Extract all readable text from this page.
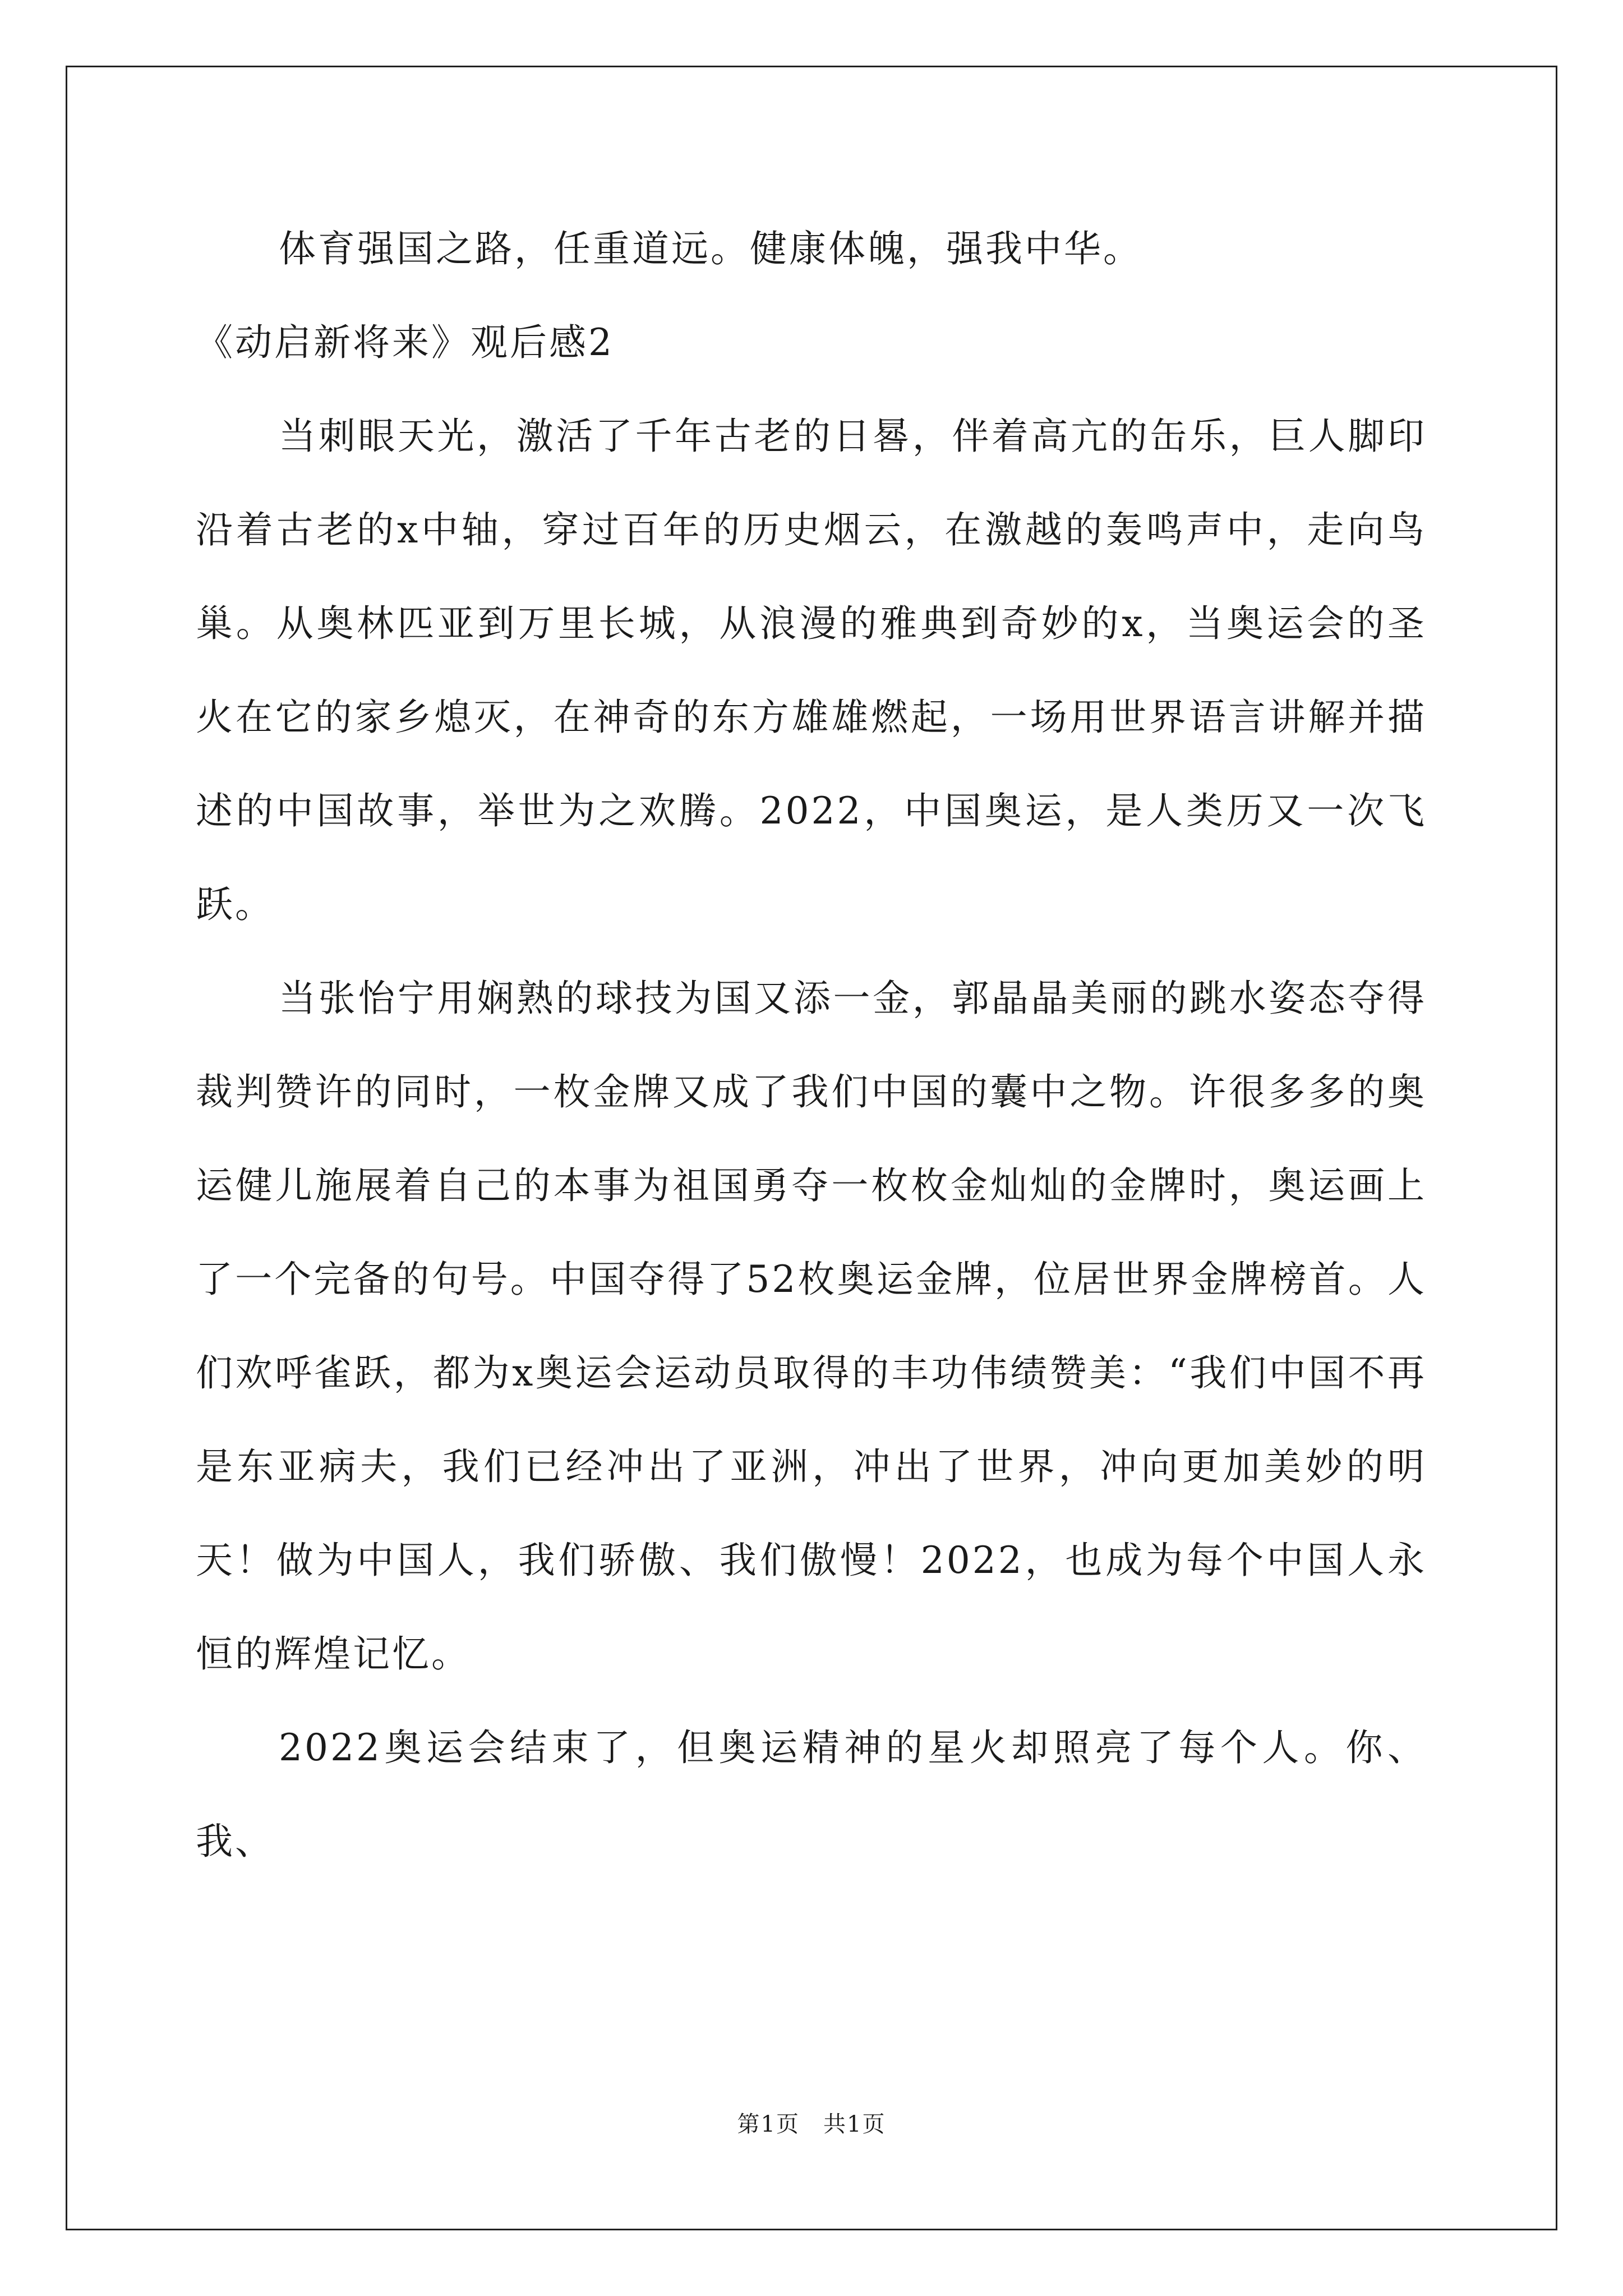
体育强国之路，任重道远。健康体魄，强我中华。

《动启新将来》观后感2

当刺眼天光，激活了千年古老的日晷，伴着高亢的缶乐，巨人脚印沿着古老的x中轴，穿过百年的历史烟云，在激越的轰鸣声中，走向鸟巢。从奥林匹亚到万里长城，从浪漫的雅典到奇妙的x，当奥运会的圣火在它的家乡熄灭，在神奇的东方雄雄燃起，一场用世界语言讲解并描述的中国故事，举世为之欢腾。2022，中国奥运，是人类历又一次飞跃。

当张怡宁用娴熟的球技为国又添一金，郭晶晶美丽的跳水姿态夺得裁判赞许的同时，一枚金牌又成了我们中国的囊中之物。许很多多的奥运健儿施展着自己的本事为祖国勇夺一枚枚金灿灿的金牌时，奥运画上了一个完备的句号。中国夺得了52枚奥运金牌，位居世界金牌榜首。人们欢呼雀跃，都为x奥运会运动员取得的丰功伟绩赞美：“我们中国不再是东亚病夫，我们已经冲出了亚洲，冲出了世界，冲向更加美妙的明天！做为中国人，我们骄傲、我们傲慢！2022，也成为每个中国人永恒的辉煌记忆。

2022奥运会结束了，但奥运精神的星火却照亮了每个人。你、我、

第1页　共1页
